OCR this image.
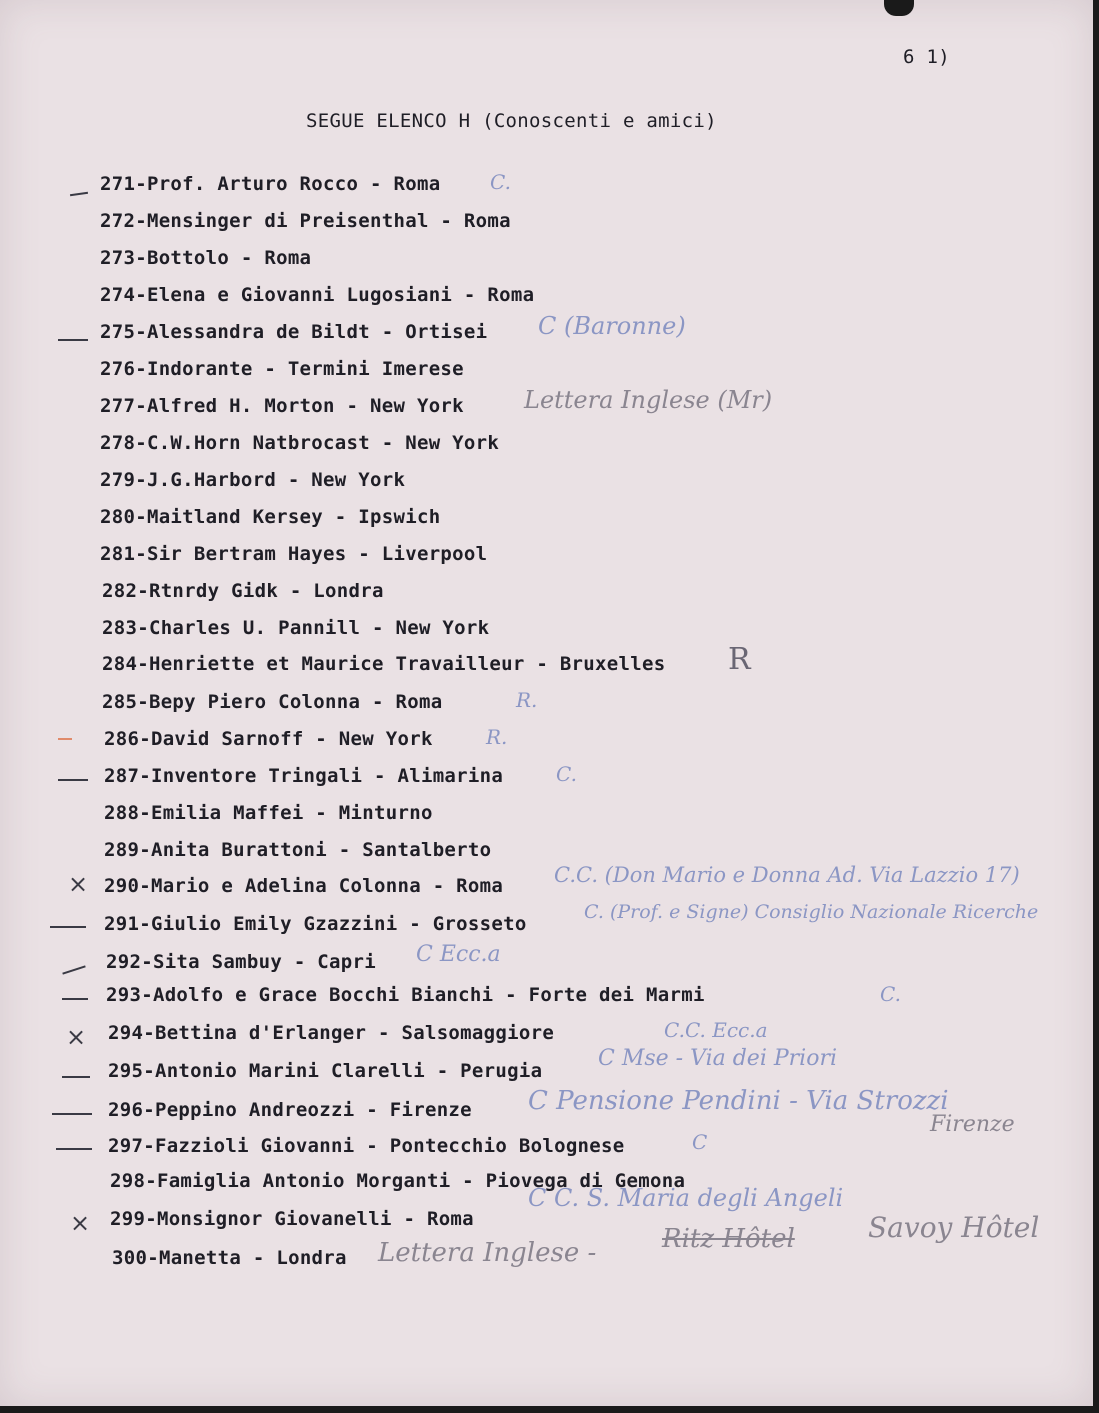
6 1)
SEGUE ELENCO H (Conoscenti e amici)
×
×
×
271-Prof. Arturo Rocco - Roma
272-Mensinger di Preisenthal - Roma
273-Bottolo - Roma
274-Elena e Giovanni Lugosiani - Roma
275-Alessandra de Bildt - Ortisei
276-Indorante - Termini Imerese
277-Alfred H. Morton - New York
278-C.W.Horn Natbrocast - New York
279-J.G.Harbord - New York
280-Maitland Kersey - Ipswich
281-Sir Bertram Hayes - Liverpool
282-Rtnrdy Gidk - Londra
283-Charles U. Pannill - New York
284-Henriette et Maurice Travailleur - Bruxelles
285-Bepy Piero Colonna - Roma
286-David Sarnoff - New York
287-Inventore Tringali - Alimarina
288-Emilia Maffei - Minturno
289-Anita Burattoni - Santalberto
290-Mario e Adelina Colonna - Roma
291-Giulio Emily Gzazzini - Grosseto
292-Sita Sambuy - Capri
293-Adolfo e Grace Bocchi Bianchi - Forte dei Marmi
294-Bettina d'Erlanger - Salsomaggiore
295-Antonio Marini Clarelli - Perugia
296-Peppino Andreozzi - Firenze
297-Fazzioli Giovanni - Pontecchio Bolognese
298-Famiglia Antonio Morganti - Piovega di Gemona
299-Monsignor Giovanelli - Roma
300-Manetta - Londra
C.
C (Baronne)
Lettera Inglese (Mr)
R
R.
R.
C.
C.C. (Don Mario e Donna Ad. Via Lazzio 17)
C. (Prof. e Signe) Consiglio Nazionale Ricerche
C Ecc.a
C.
C.C. Ecc.a
C Mse - Via dei Priori
C Pensione Pendini - Via Strozzi
C
C C. S. Maria degli Angeli
Lettera Inglese -
Firenze
Ritz Hôtel	Savoy Hôtel
